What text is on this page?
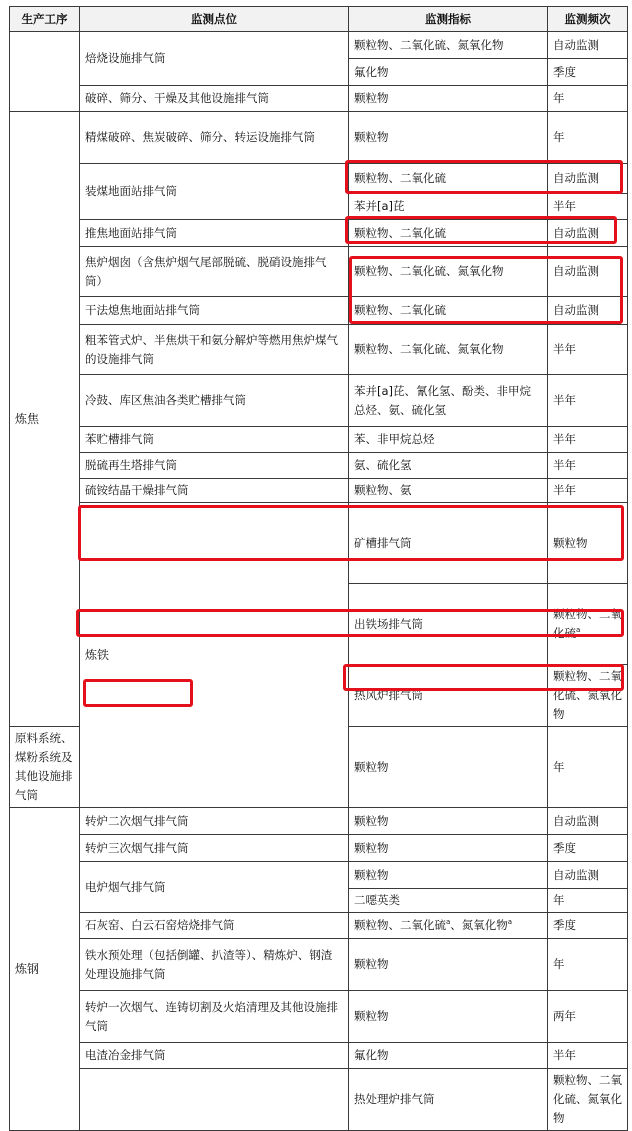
生产工序	监测点位	监测指标	监测频次	
	焙烧设施排气筒	颗粒物、二氧化硫、氮氧化物	自动监测	
		氟化物	季度	
	破碎、筛分、干燥及其他设施排气筒	颗粒物	年	
炼焦	精煤破碎、焦炭破碎、筛分、转运设施排气筒	颗粒物	年	
	装煤地面站排气筒	颗粒物、二氧化硫	自动监测	
		苯并[a]芘	半年	
	推焦地面站排气筒	颗粒物、二氧化硫	自动监测	
	焦炉烟囱（含焦炉烟气尾部脱硫、脱硝设施排气筒）	颗粒物、二氧化硫、氮氧化物	自动监测	
	干法熄焦地面站排气筒	颗粒物、二氧化硫	自动监测	
	粗苯管式炉、半焦烘干和氨分解炉等燃用焦炉煤气的设施排气筒	颗粒物、二氧化硫、氮氧化物	半年	
	冷鼓、库区焦油各类贮槽排气筒	苯并[a]芘、氰化氢、酚类、非甲烷总烃、氨、硫化氢	半年	
	苯贮槽排气筒	苯、非甲烷总烃	半年	
	脱硫再生塔排气筒	氨、硫化氢	半年	
	硫铵结晶干燥排气筒	颗粒物、氨	半年	
	炼铁	矿槽排气筒	颗粒物	
		出铁场排气筒	颗粒物、二氧化硫$^a$	
		热风炉排气筒	颗粒物、二氧化硫、氮氧化物	
原料系统、煤粉系统及其他设施排气筒		颗粒物	年	
炼钢	转炉二次烟气排气筒	颗粒物	自动监测	
	转炉三次烟气排气筒	颗粒物	季度	
	电炉烟气排气筒	颗粒物	自动监测	
		二噁英类	年	
	石灰窑、白云石窑焙烧排气筒	颗粒物、二氧化硫$^a$、氮氧化物$^a$	季度	
	铁水预处理（包括倒罐、扒渣等）、精炼炉、钢渣处理设施排气筒	颗粒物	年	
	转炉一次烟气、连铸切割及火焰清理及其他设施排气筒	颗粒物	两年	
	电渣冶金排气筒	氟化物	半年	
		热处理炉排气筒	颗粒物、二氧化硫、氮氧化物	
